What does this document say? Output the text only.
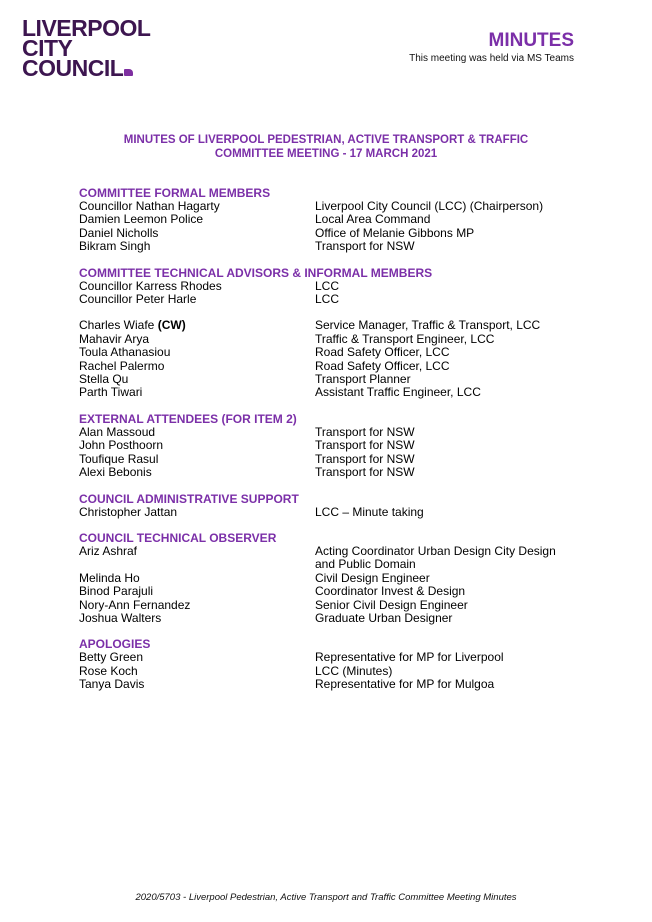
LIVERPOOL
CITY
COUNCIL
MINUTES
This meeting was held via MS Teams
MINUTES OF LIVERPOOL PEDESTRIAN, ACTIVE TRANSPORT & TRAFFIC
COMMITTEE MEETING - 17 MARCH 2021
COMMITTEE FORMAL MEMBERS
Councillor Nathan Hagarty	Liverpool City Council (LCC) (Chairperson)
Damien Leemon Police	Local Area Command
Daniel Nicholls	Office of Melanie Gibbons MP
Bikram Singh	Transport for NSW
COMMITTEE TECHNICAL ADVISORS & INFORMAL MEMBERS
Councillor Karress Rhodes	LCC
Councillor Peter Harle	LCC
Charles Wiafe (CW)	Service Manager, Traffic & Transport, LCC
Mahavir Arya	Traffic & Transport Engineer, LCC
Toula Athanasiou	Road Safety Officer, LCC
Rachel Palermo	Road Safety Officer, LCC
Stella Qu	Transport Planner
Parth Tiwari	Assistant Traffic Engineer, LCC
EXTERNAL ATTENDEES (FOR ITEM 2)
Alan Massoud	Transport for NSW
John Posthoorn	Transport for NSW
Toufique Rasul	Transport for NSW
Alexi Bebonis	Transport for NSW
COUNCIL ADMINISTRATIVE SUPPORT
Christopher Jattan	LCC – Minute taking
COUNCIL TECHNICAL OBSERVER
Ariz Ashraf	Acting Coordinator Urban Design City Design and Public Domain
Melinda Ho	Civil Design Engineer
Binod Parajuli	Coordinator Invest & Design
Nory-Ann Fernandez	Senior Civil Design Engineer
Joshua Walters	Graduate Urban Designer
APOLOGIES
Betty Green	Representative for MP for Liverpool
Rose Koch	LCC (Minutes)
Tanya Davis	Representative for MP for Mulgoa
2020/5703 - Liverpool Pedestrian, Active Transport and Traffic Committee Meeting Minutes
